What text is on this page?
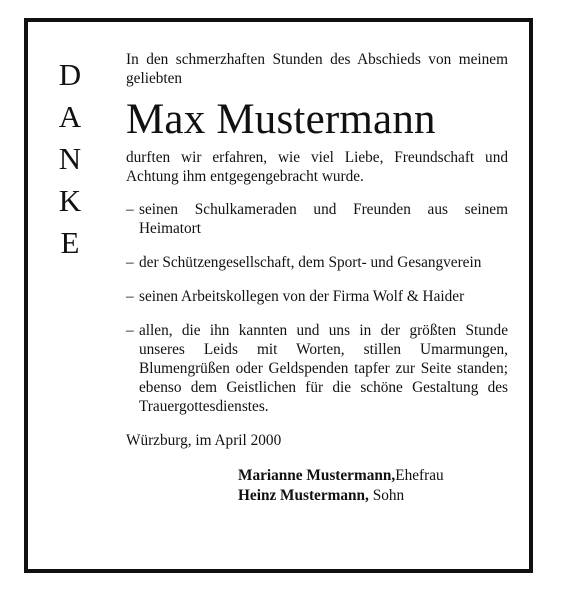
D
A
N
K
E
In den schmerzhaften Stunden des Abschieds von meinem geliebten
Max Mustermann
durften wir erfahren, wie viel Liebe, Freundschaft und Achtung ihm entgegengebracht wurde.
– seinen Schulkameraden und Freunden aus seinem Heimatort
– der Schützengesellschaft, dem Sport- und Gesangverein
– seinen Arbeitskollegen von der Firma Wolf & Haider
– allen, die ihn kannten und uns in der größten Stunde unseres Leids mit Worten, stillen Umarmungen, Blumengrüßen oder Geldspenden tapfer zur Seite standen; ebenso dem Geistlichen für die schöne Gestaltung des Trauergottesdienstes.
Würzburg, im April 2000
Marianne Mustermann,Ehefrau
Heinz Mustermann, Sohn
